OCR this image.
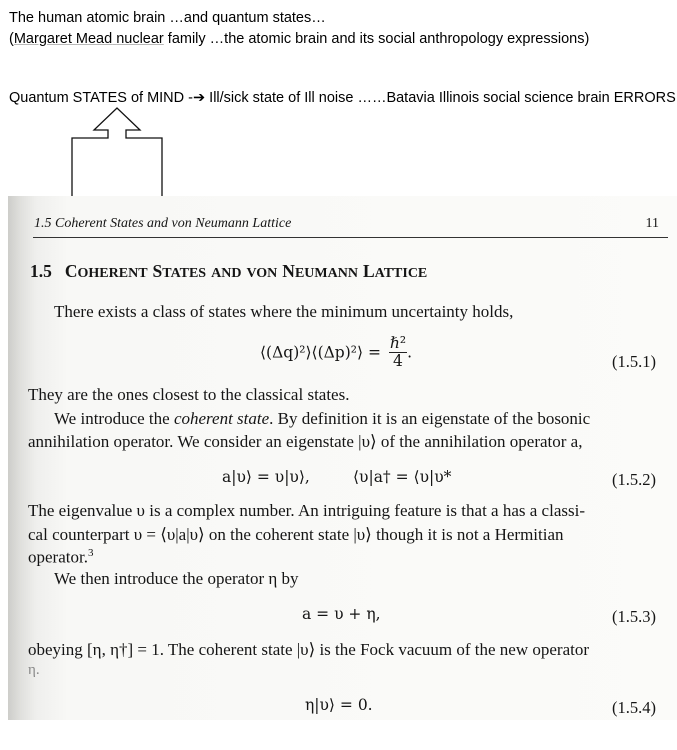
The human atomic brain …and quantum states…
(Margaret Mead nuclear family …the atomic brain and its social anthropology expressions)
Quantum STATES of MIND -➔ Ill/sick state of Ill noise ……Batavia Illinois social science brain ERRORS
1.5 Coherent States and von Neumann Lattice	11
1.5 COHERENT STATES AND VON NEUMANN LATTICE
There exists a class of states where the minimum uncertainty holds,
⟨(Δq)²⟩⟨(Δp)²⟩ =
ℏ²
4 .	(1.5.1)
They are the ones closest to the classical states.
We introduce the coherent state. By definition it is an eigenstate of the bosonic
annihilation operator. We consider an eigenstate |υ⟩ of the annihilation operator a,
a|υ⟩ = υ|υ⟩,	⟨υ|a† = ⟨υ|υ*	(1.5.2)
The eigenvalue υ is a complex number. An intriguing feature is that a has a classi-
cal counterpart υ = ⟨υ|a|υ⟩ on the coherent state |υ⟩ though it is not a Hermitian
operator.$^3$
We then introduce the operator η by
a = υ + η,	(1.5.3)
obeying [η, η†] = 1. The coherent state |υ⟩ is the Fock vacuum of the new operator
η.
η|υ⟩ = 0.	(1.5.4)
